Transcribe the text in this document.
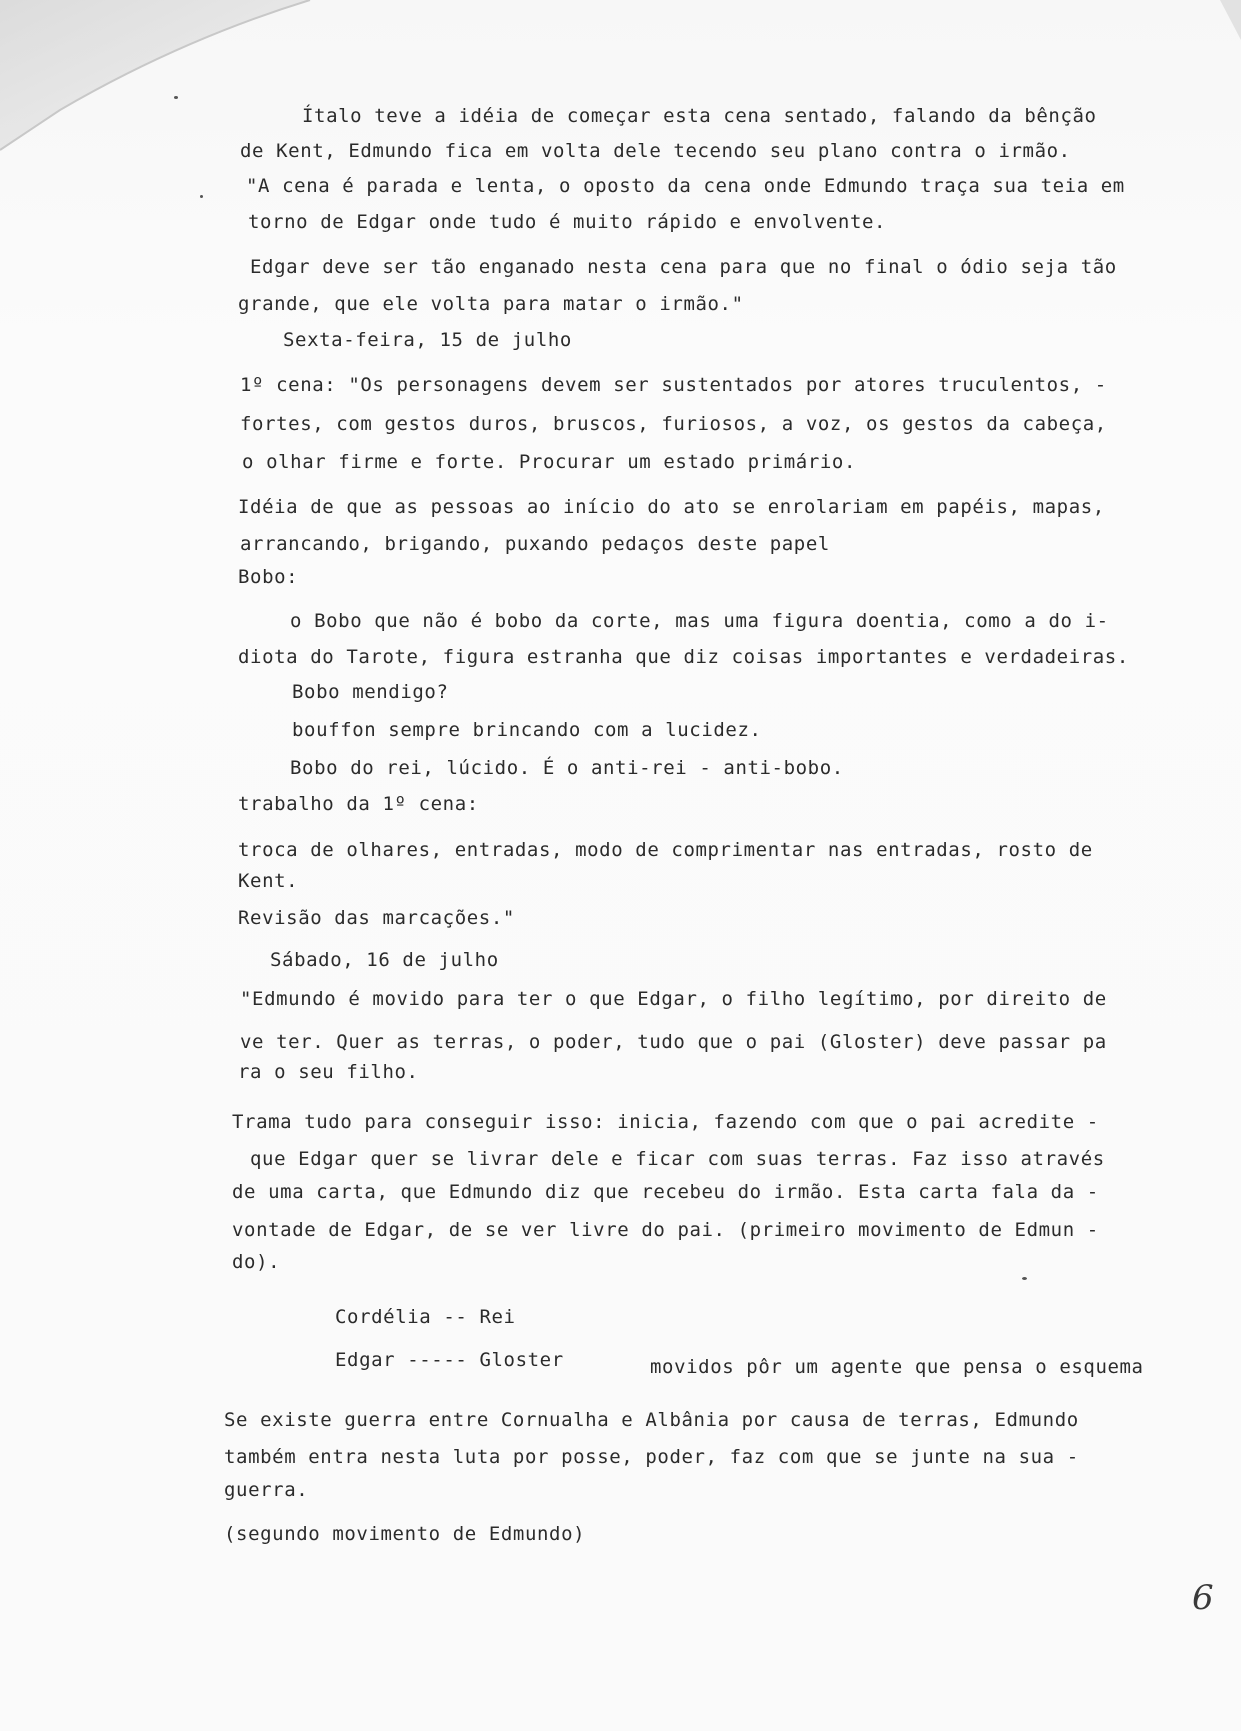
Ítalo teve a idéia de começar esta cena sentado, falando da bênção
de Kent, Edmundo fica em volta dele tecendo seu plano contra o irmão.
"A cena é parada e lenta, o oposto da cena onde Edmundo traça sua teia em
torno de Edgar onde tudo é muito rápido e envolvente.
Edgar deve ser tão enganado nesta cena para que no final o ódio seja tão
grande, que ele volta para matar o irmão."
Sexta-feira, 15 de julho
1º cena: "Os personagens devem ser sustentados por atores truculentos, -
fortes, com gestos duros, bruscos, furiosos, a voz, os gestos da cabeça,
o olhar firme e forte. Procurar um estado primário.
Idéia de que as pessoas ao início do ato se enrolariam em papéis, mapas,
arrancando, brigando, puxando pedaços deste papel
Bobo:
o Bobo que não é bobo da corte, mas uma figura doentia, como a do i-
diota do Tarote, figura estranha que diz coisas importantes e verdadeiras.
Bobo mendigo?
bouffon sempre brincando com a lucidez.
Bobo do rei, lúcido. É o anti-rei - anti-bobo.
trabalho da 1º cena:
troca de olhares, entradas, modo de comprimentar nas entradas, rosto de
Kent.
Revisão das marcações."
Sábado, 16 de julho
"Edmundo é movido para ter o que Edgar, o filho legítimo, por direito de
ve ter. Quer as terras, o poder, tudo que o pai (Gloster) deve passar pa
ra o seu filho.
Trama tudo para conseguir isso: inicia, fazendo com que o pai acredite -
que Edgar quer se livrar dele e ficar com suas terras. Faz isso através
de uma carta, que Edmundo diz que recebeu do irmão. Esta carta fala da -
vontade de Edgar, de se ver livre do pai. (primeiro movimento de Edmun -
do).
Cordélia -- Rei
Edgar ----- Gloster	movidos pôr um agente que pensa o esquema
Se existe guerra entre Cornualha e Albânia por causa de terras, Edmundo
também entra nesta luta por posse, poder, faz com que se junte na sua -
guerra.
(segundo movimento de Edmundo)
6
